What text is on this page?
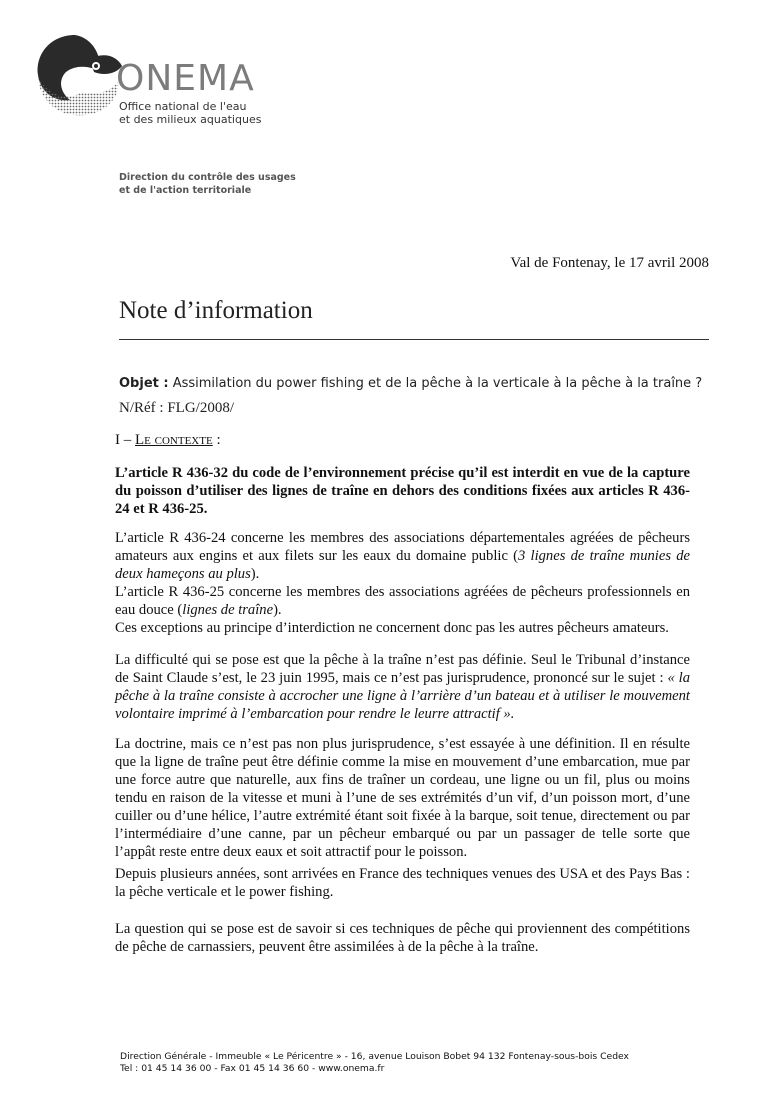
ONEMA
Office national de l'eau
et des milieux aquatiques
Direction du contrôle des usages
et de l'action territoriale
Val de Fontenay, le 17 avril 2008
Note d’information
Objet : Assimilation du power fishing et de la pêche à la verticale à la pêche à la traîne ?
N/Réf : FLG/2008/
I – Le contexte :

L’article R 436-32 du code de l’environnement précise qu’il est interdit en vue de la capture du poisson d’utiliser des lignes de traîne en dehors des conditions fixées aux articles R 436-24 et R 436-25.

L’article R 436-24 concerne les membres des associations départementales agréées de pêcheurs amateurs aux engins et aux filets sur les eaux du domaine public (3 lignes de traîne munies de deux hameçons au plus).
L’article R 436-25 concerne les membres des associations agréées de pêcheurs professionnels en eau douce (lignes de traîne).
Ces exceptions au principe d’interdiction ne concernent donc pas les autres pêcheurs amateurs.

La difficulté qui se pose est que la pêche à la traîne n’est pas définie. Seul le Tribunal d’instance de Saint Claude s’est, le 23 juin 1995, mais ce n’est pas jurisprudence, prononcé sur le sujet : « la pêche à la traîne consiste à accrocher une ligne à l’arrière d’un bateau et à utiliser le mouvement volontaire imprimé à l’embarcation pour rendre le leurre attractif ».

La doctrine, mais ce n’est pas non plus jurisprudence, s’est essayée à une définition. Il en résulte que la ligne de traîne peut être définie comme la mise en mouvement d’une embarcation, mue par une force autre que naturelle, aux fins de traîner un cordeau, une ligne ou un fil, plus ou moins tendu en raison de la vitesse et muni à l’une de ses extrémités d’un vif, d’un poisson mort, d’une cuiller ou d’une hélice, l’autre extrémité étant soit fixée à la barque, soit tenue, directement ou par l’intermédiaire d’une canne, par un pêcheur embarqué ou par un passager de telle sorte que l’appât reste entre deux eaux et soit attractif pour le poisson.

Depuis plusieurs années, sont arrivées en France des techniques venues des USA et des Pays Bas : la pêche verticale et le power fishing.

La question qui se pose est de savoir si ces techniques de pêche qui proviennent des compétitions de pêche de carnassiers, peuvent être assimilées à de la pêche à la traîne.

Direction Générale - Immeuble « Le Péricentre » - 16, avenue Louison Bobet 94 132 Fontenay-sous-bois Cedex
Tel : 01 45 14 36 00 - Fax 01 45 14 36 60 - www.onema.fr
